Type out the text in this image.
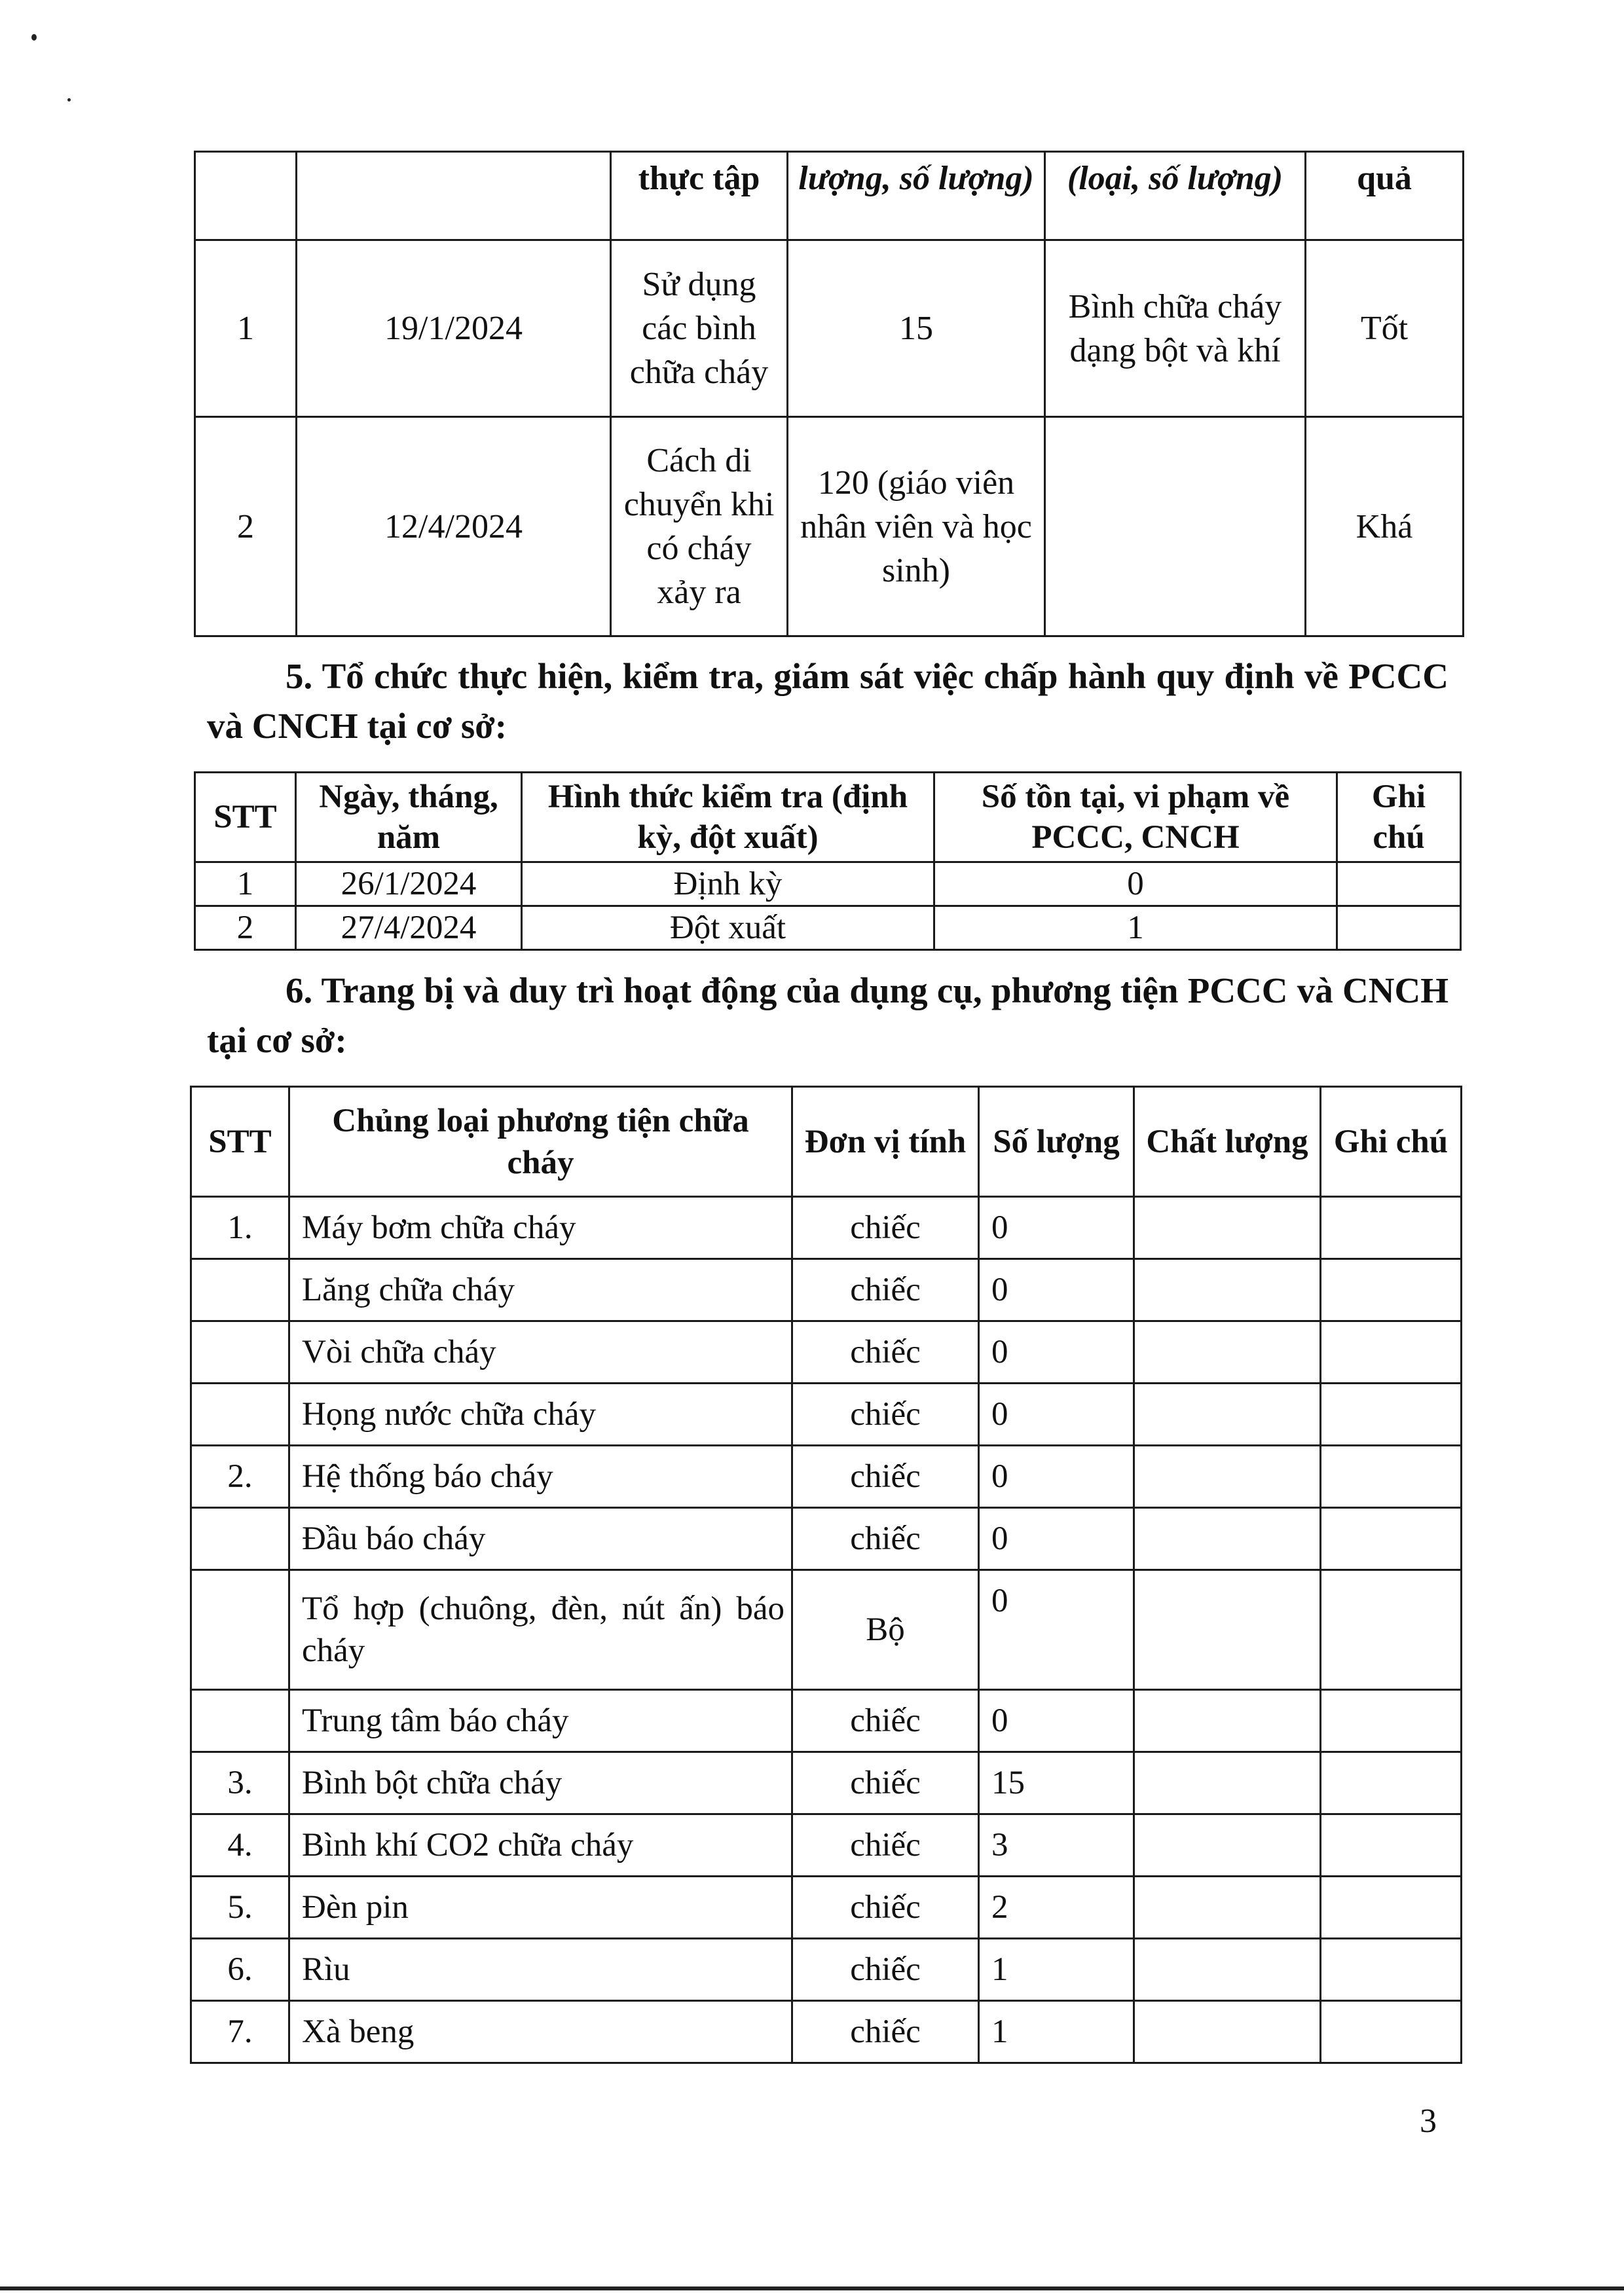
		thực tập	lượng, số lượng)	(loại, số lượng)	quả
1	19/1/2024	Sử dụng các bình chữa cháy	15	Bình chữa cháy dạng bột và khí	Tốt
2	12/4/2024	Cách di chuyển khi có cháy xảy ra	120 (giáo viên nhân viên và học sinh)		Khá

5. Tổ chức thực hiện, kiểm tra, giám sát việc chấp hành quy định về PCCC và CNCH tại cơ sở:

STT	Ngày, tháng, năm	Hình thức kiểm tra (định kỳ, đột xuất)	Số tồn tại, vi phạm về PCCC, CNCH	Ghi chú
1	26/1/2024	Định kỳ	0	
2	27/4/2024	Đột xuất	1	

6. Trang bị và duy trì hoạt động của dụng cụ, phương tiện PCCC và CNCH tại cơ sở:

STT	Chủng loại phương tiện chữa cháy	Đơn vị tính	Số lượng	Chất lượng	Ghi chú
1.	Máy bơm chữa cháy	chiếc	0		
	Lăng chữa cháy	chiếc	0		
	Vòi chữa cháy	chiếc	0		
	Họng nước chữa cháy	chiếc	0		
2.	Hệ thống báo cháy	chiếc	0		
	Đầu báo cháy	chiếc	0		
	Tổ hợp (chuông, đèn, nút ấn) báo cháy	Bộ	0		
	Trung tâm báo cháy	chiếc	0		
3.	Bình bột chữa cháy	chiếc	15		
4.	Bình khí CO2 chữa cháy	chiếc	3		
5.	Đèn pin	chiếc	2		
6.	Rìu	chiếc	1		
7.	Xà beng	chiếc	1		
3
